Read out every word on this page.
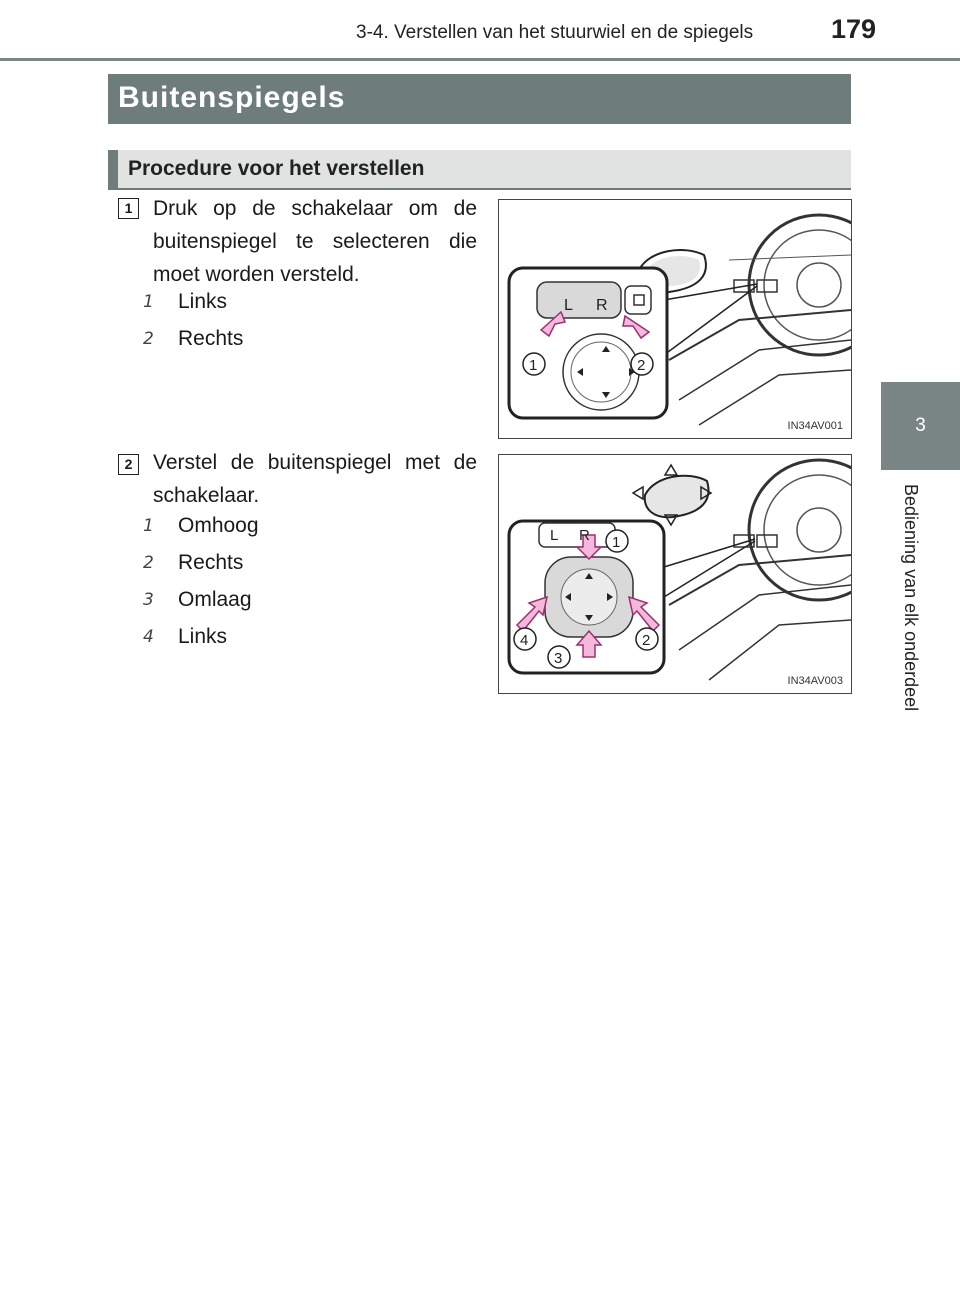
3-4. Verstellen van het stuurwiel en de spiegels	179
3
Bediening van elk onderdeel
Buitenspiegels
Procedure voor het verstellen
1 Druk op de schakelaar om de buitenspiegel te selecteren die moet worden versteld.
1	Links
2	Rechts
L R
1	2
IN34AV001
2 Verstel de buitenspiegel met de schakelaar.
1	Omhoog
2	Rechts
3	Omlaag
4	Links
L R 1
2
3
4
IN34AV003
